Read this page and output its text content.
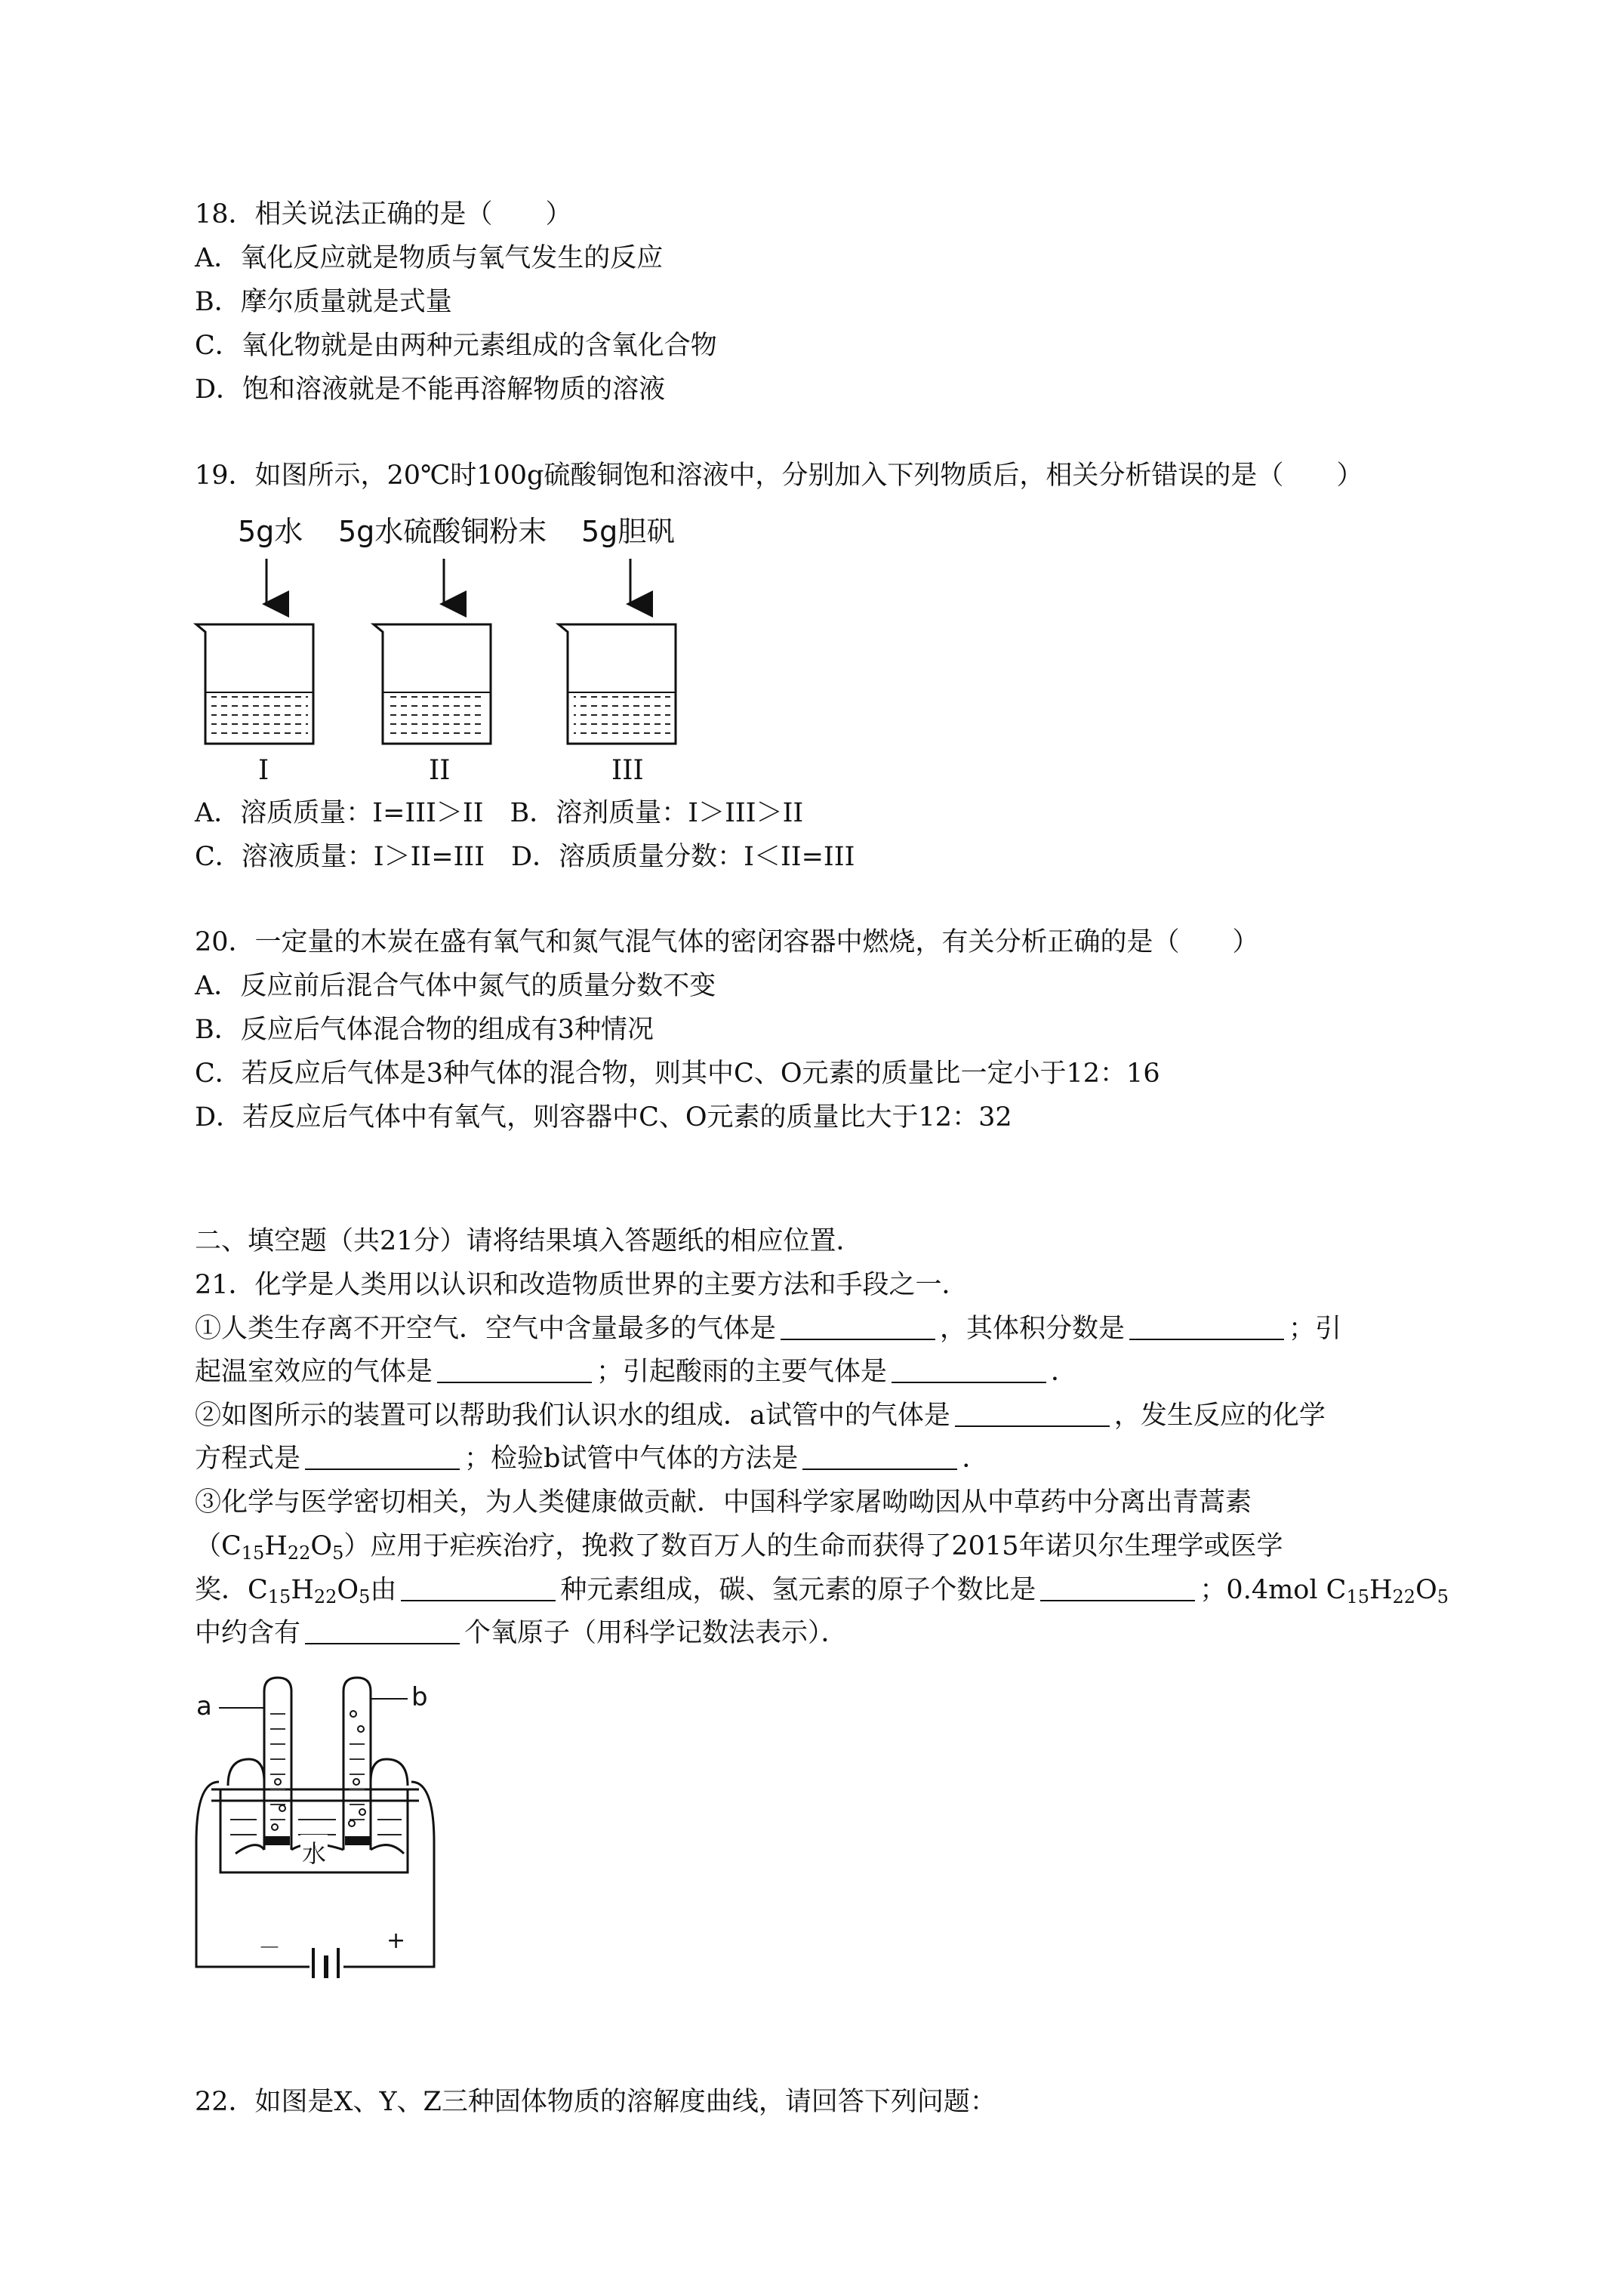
18．相关说法正确的是（　　）
A．氧化反应就是物质与氧气发生的反应
B．摩尔质量就是式量
C．氧化物就是由两种元素组成的含氧化合物
D．饱和溶液就是不能再溶解物质的溶液
19．如图所示，20℃时100g硫酸铜饱和溶液中，分别加入下列物质后，相关分析错误的是（　　）
5g水 5g水硫酸铜粉末 5g胆矾
I	II	III
A．溶质质量：I=III＞II　B．溶剂质量：I＞III＞II
C．溶液质量：I＞II=III　D．溶质质量分数：I＜II=III
20．一定量的木炭在盛有氧气和氮气混气体的密闭容器中燃烧，有关分析正确的是（　　）
A．反应前后混合气体中氮气的质量分数不变
B．反应后气体混合物的组成有3种情况
C．若反应后气体是3种气体的混合物，则其中C、O元素的质量比一定小于12：16
D．若反应后气体中有氧气，则容器中C、O元素的质量比大于12：32
二、填空题（共21分）请将结果填入答题纸的相应位置．
21．化学是人类用以认识和改造物质世界的主要方法和手段之一．
①人类生存离不开空气．空气中含量最多的气体是	，其体积分数是	；引
起温室效应的气体是	；引起酸雨的主要气体是	．
②如图所示的装置可以帮助我们认识水的组成．a试管中的气体是	，发生反应的化学
方程式是	；检验b试管中气体的方法是	．
③化学与医学密切相关，为人类健康做贡献．中国科学家屠呦呦因从中草药中分离出青蒿素
$(C_{15}H_{22}O_5)$应用于疟疾治疗，挽救了数百万人的生命而获得了2015年诺贝尔生理学或医学
奖．$C_{15}H_{22}O_5$由	种元素组成，碳、氢元素的原子个数比是	；0.4mol $C_{15}H_{22}O_5$
中约含有	个氧原子（用科学记数法表示）．
a	b
水
－	+
22．如图是X、Y、Z三种固体物质的溶解度曲线，请回答下列问题：
